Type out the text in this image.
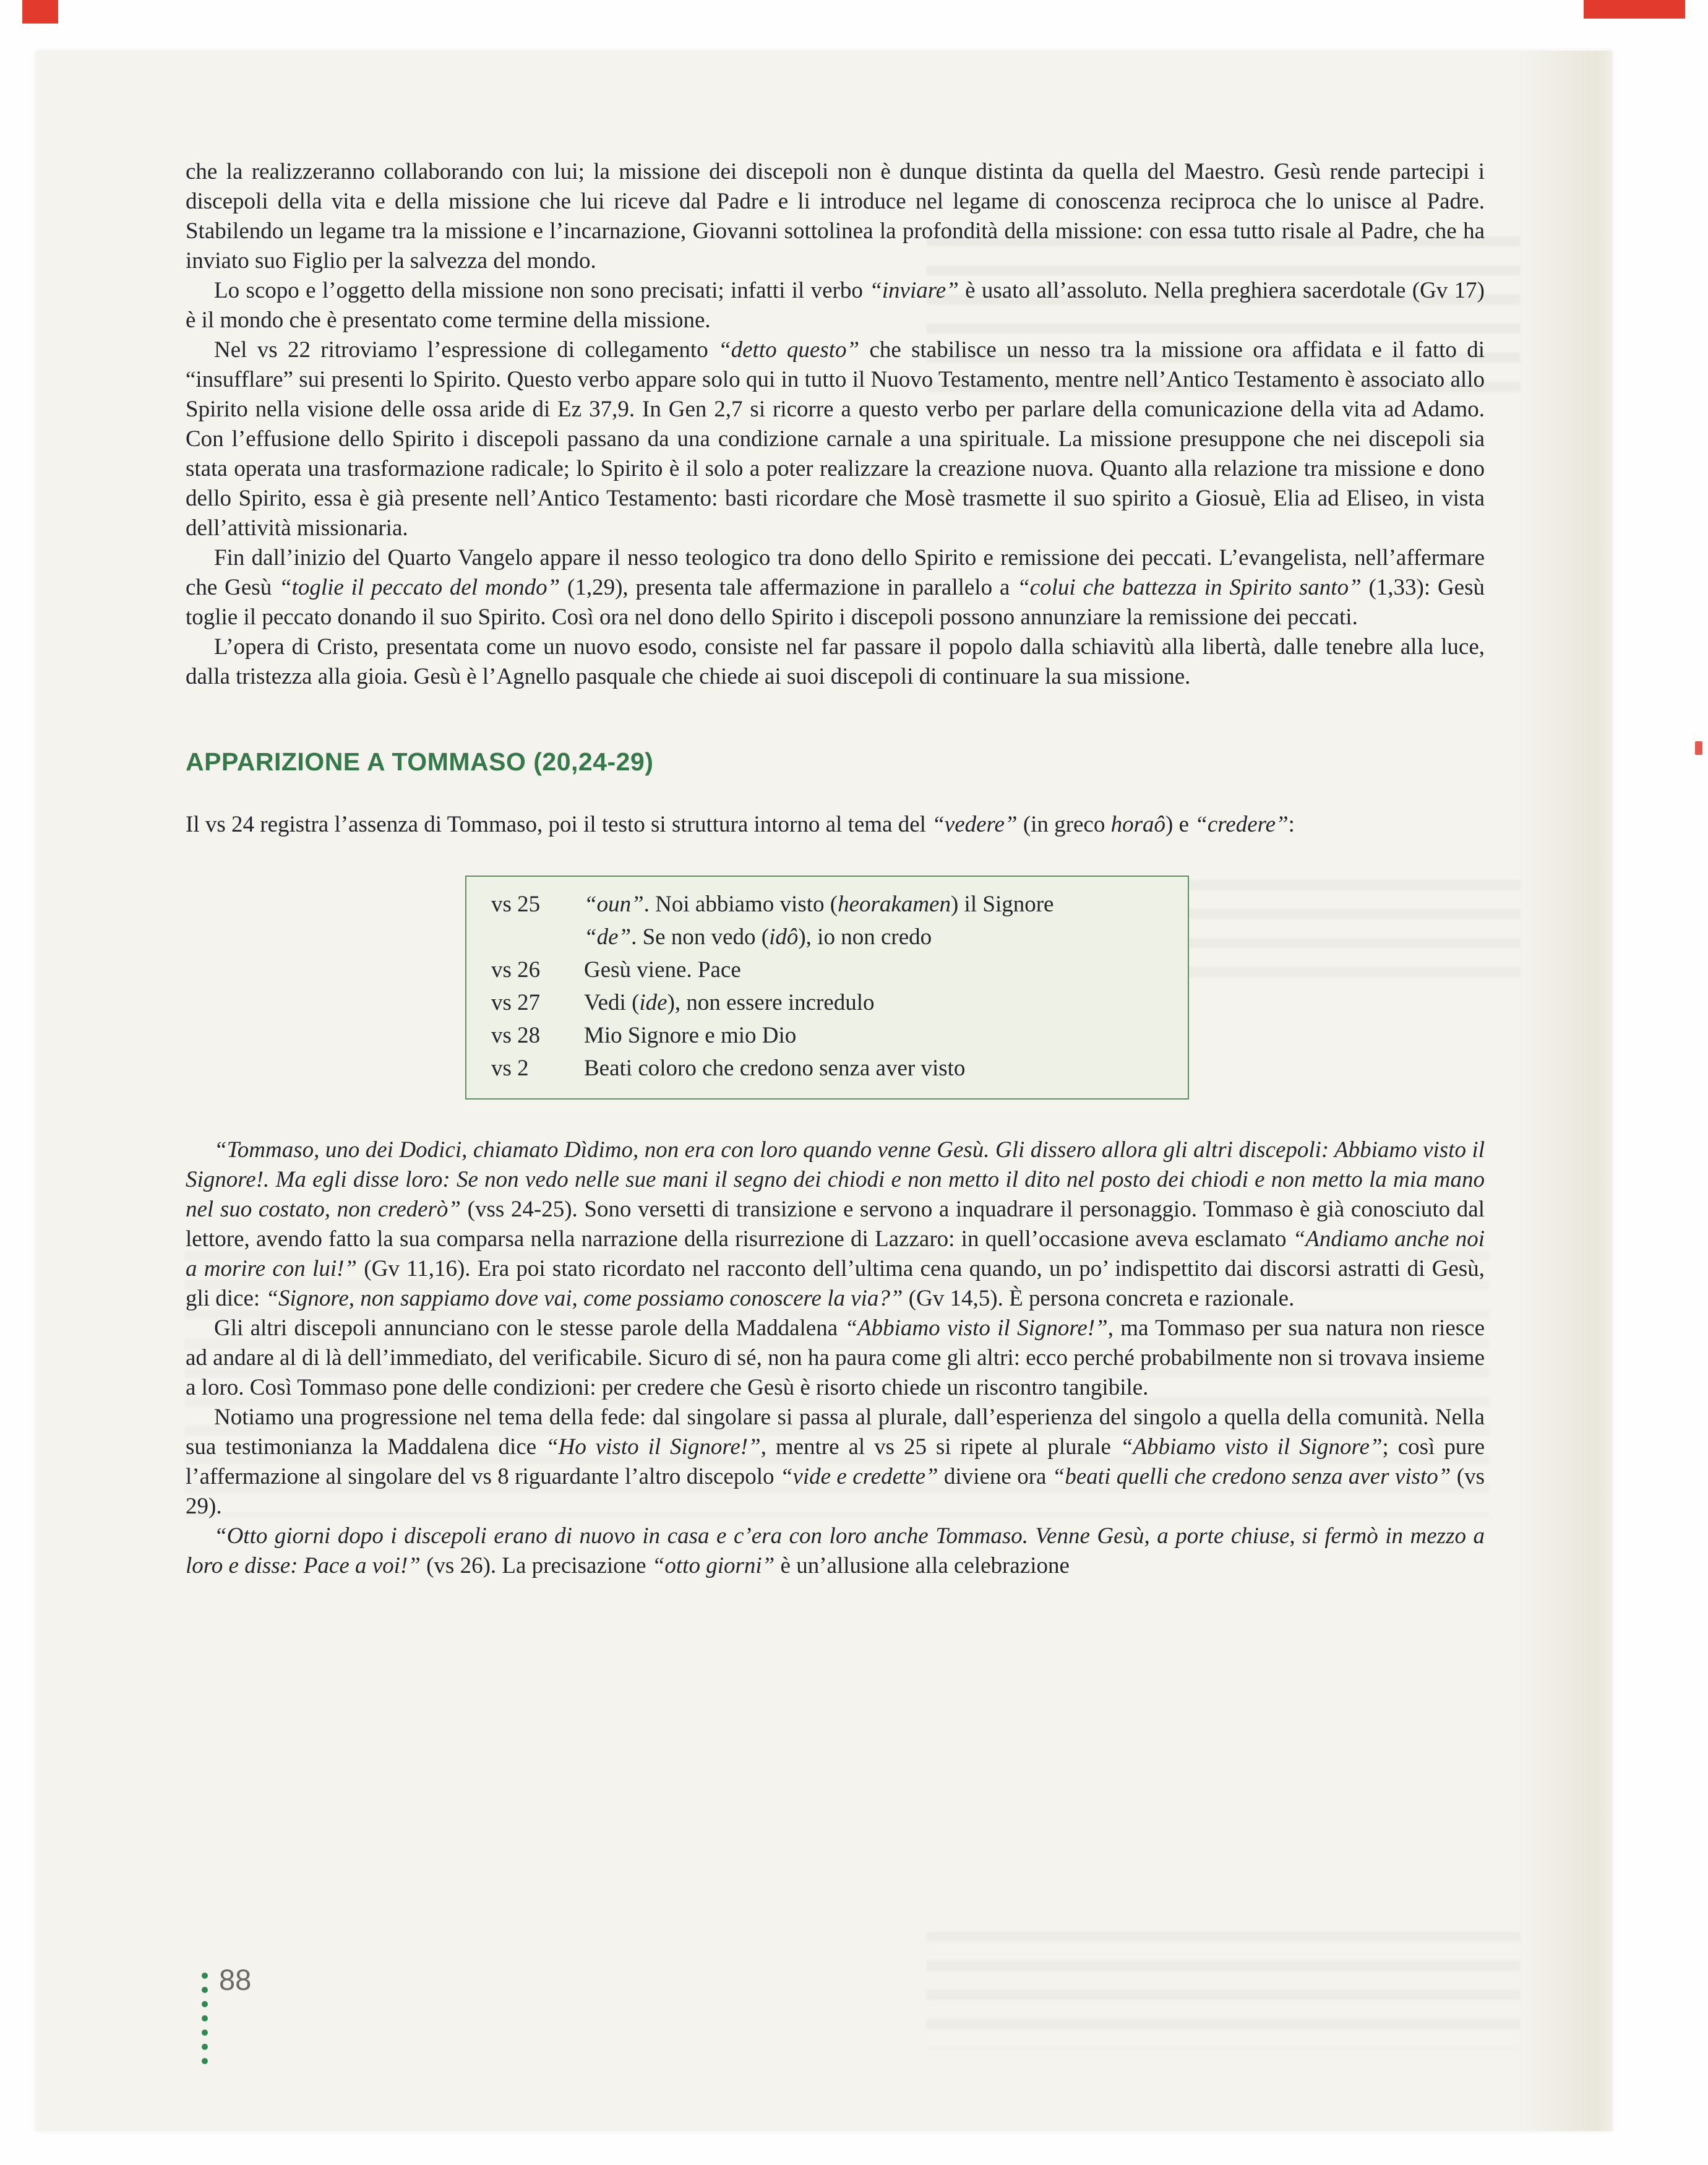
che la realizzeranno collaborando con lui; la missione dei discepoli non è dunque distinta da quella del Maestro. Gesù rende partecipi i discepoli della vita e della missione che lui riceve dal Padre e li introduce nel legame di conoscenza reciproca che lo unisce al Padre. Stabilendo un legame tra la missione e l’incarnazione, Giovanni sottolinea la profondità della missione: con essa tutto risale al Padre, che ha inviato suo Figlio per la salvezza del mondo.

Lo scopo e l’oggetto della missione non sono precisati; infatti il verbo “inviare” è usato all’assoluto. Nella preghiera sacerdotale (Gv 17) è il mondo che è presentato come termine della missione.

Nel vs 22 ritroviamo l’espressione di collegamento “detto questo” che stabilisce un nesso tra la missione ora affidata e il fatto di “insufflare” sui presenti lo Spirito. Questo verbo appare solo qui in tutto il Nuovo Testamento, mentre nell’Antico Testamento è associato allo Spirito nella visione delle ossa aride di Ez 37,9. In Gen 2,7 si ricorre a questo verbo per parlare della comunicazione della vita ad Adamo. Con l’effusione dello Spirito i discepoli passano da una condizione carnale a una spirituale. La missione presuppone che nei discepoli sia stata operata una trasformazione radicale; lo Spirito è il solo a poter realizzare la creazione nuova. Quanto alla relazione tra missione e dono dello Spirito, essa è già presente nell’Antico Testamento: basti ricordare che Mosè trasmette il suo spirito a Giosuè, Elia ad Eliseo, in vista dell’attività missionaria.

Fin dall’inizio del Quarto Vangelo appare il nesso teologico tra dono dello Spirito e remissione dei peccati. L’evangelista, nell’affermare che Gesù “toglie il peccato del mondo” (1,29), presenta tale affermazione in parallelo a “colui che battezza in Spirito santo” (1,33): Gesù toglie il peccato donando il suo Spirito. Così ora nel dono dello Spirito i discepoli possono annunziare la remissione dei peccati.

L’opera di Cristo, presentata come un nuovo esodo, consiste nel far passare il popolo dalla schiavitù alla libertà, dalle tenebre alla luce, dalla tristezza alla gioia. Gesù è l’Agnello pasquale che chiede ai suoi discepoli di continuare la sua missione.

APPARIZIONE A TOMMASO (20,24-29)

Il vs 24 registra l’assenza di Tommaso, poi il testo si struttura intorno al tema del “vedere” (in greco horaô) e “credere”:

vs 25	“oun”. Noi abbiamo visto (heorakamen) il Signore
“de”. Se non vedo (idô), io non credo
vs 26	Gesù viene. Pace
vs 27	Vedi (ide), non essere incredulo
vs 28	Mio Signore e mio Dio
vs 2	Beati coloro che credono senza aver visto

“Tommaso, uno dei Dodici, chiamato Dìdimo, non era con loro quando venne Gesù. Gli dissero allora gli altri discepoli: Abbiamo visto il Signore!. Ma egli disse loro: Se non vedo nelle sue mani il segno dei chiodi e non metto il dito nel posto dei chiodi e non metto la mia mano nel suo costato, non crederò” (vss 24-25). Sono versetti di transizione e servono a inquadrare il personaggio. Tommaso è già conosciuto dal lettore, avendo fatto la sua comparsa nella narrazione della risurrezione di Lazzaro: in quell’occasione aveva esclamato “Andiamo anche noi a morire con lui!” (Gv 11,16). Era poi stato ricordato nel racconto dell’ultima cena quando, un po’ indispettito dai discorsi astratti di Gesù, gli dice: “Signore, non sappiamo dove vai, come possiamo conoscere la via?” (Gv 14,5). È persona concreta e razionale.

Gli altri discepoli annunciano con le stesse parole della Maddalena “Abbiamo visto il Signore!”, ma Tommaso per sua natura non riesce ad andare al di là dell’immediato, del verificabile. Sicuro di sé, non ha paura come gli altri: ecco perché probabilmente non si trovava insieme a loro. Così Tommaso pone delle condizioni: per credere che Gesù è risorto chiede un riscontro tangibile.

Notiamo una progressione nel tema della fede: dal singolare si passa al plurale, dall’esperienza del singolo a quella della comunità. Nella sua testimonianza la Maddalena dice “Ho visto il Signore!”, mentre al vs 25 si ripete al plurale “Abbiamo visto il Signore”; così pure l’affermazione al singolare del vs 8 riguardante l’altro discepolo “vide e credette” diviene ora “beati quelli che credono senza aver visto” (vs 29).

“Otto giorni dopo i discepoli erano di nuovo in casa e c’era con loro anche Tommaso. Venne Gesù, a porte chiuse, si fermò in mezzo a loro e disse: Pace a voi!” (vs 26). La precisazione “otto giorni” è un’allusione alla celebrazione

88
